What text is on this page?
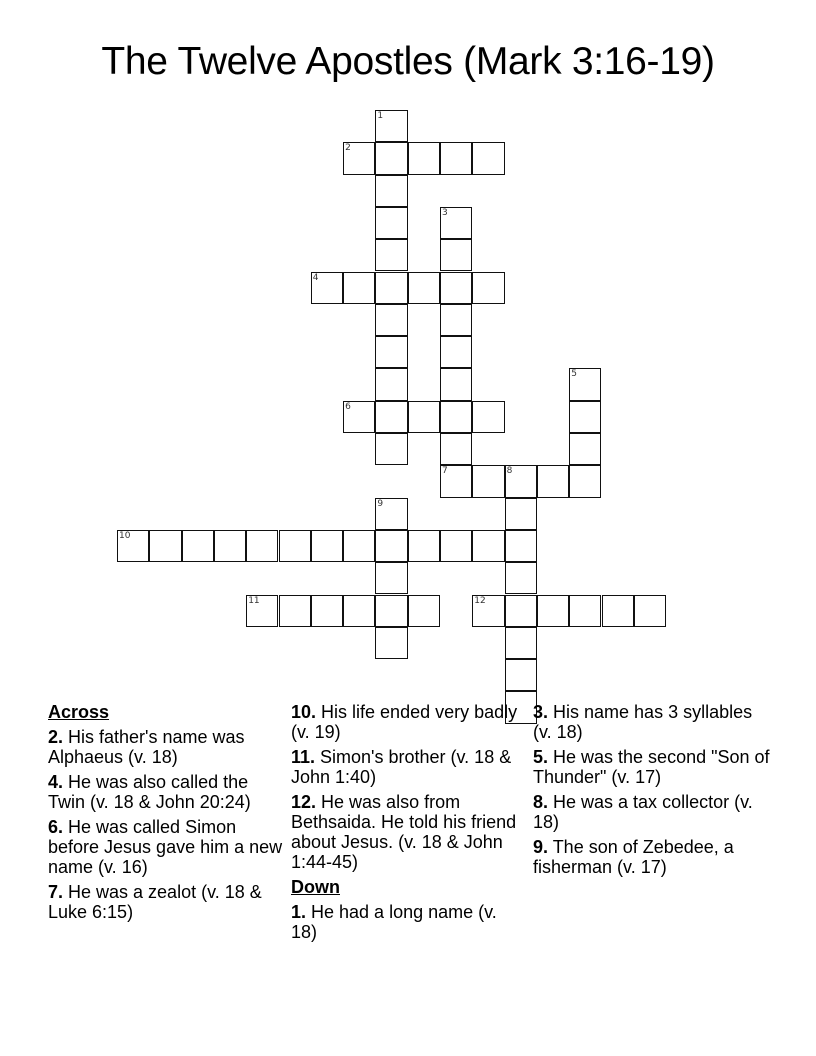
The Twelve Apostles (Mark 3:16-19)
1
2
3
7
4
5
6
8
9
10
11	12
Across
2. His father's name was Alphaeus (v. 18)
4. He was also called the Twin (v. 18 & John 20:24)
6. He was called Simon before Jesus gave him a new name (v. 16)
7. He was a zealot (v. 18 & Luke 6:15)
10. His life ended very badly (v. 19)
11. Simon's brother (v. 18 & John 1:40)
12. He was also from Bethsaida. He told his friend about Jesus. (v. 18 & John 1:44-45)
Down
1. He had a long name (v. 18)
3. His name has 3 syllables (v. 18)
5. He was the second "Son of Thunder" (v. 17)
8. He was a tax collector (v. 18)
9. The son of Zebedee, a fisherman (v. 17)
